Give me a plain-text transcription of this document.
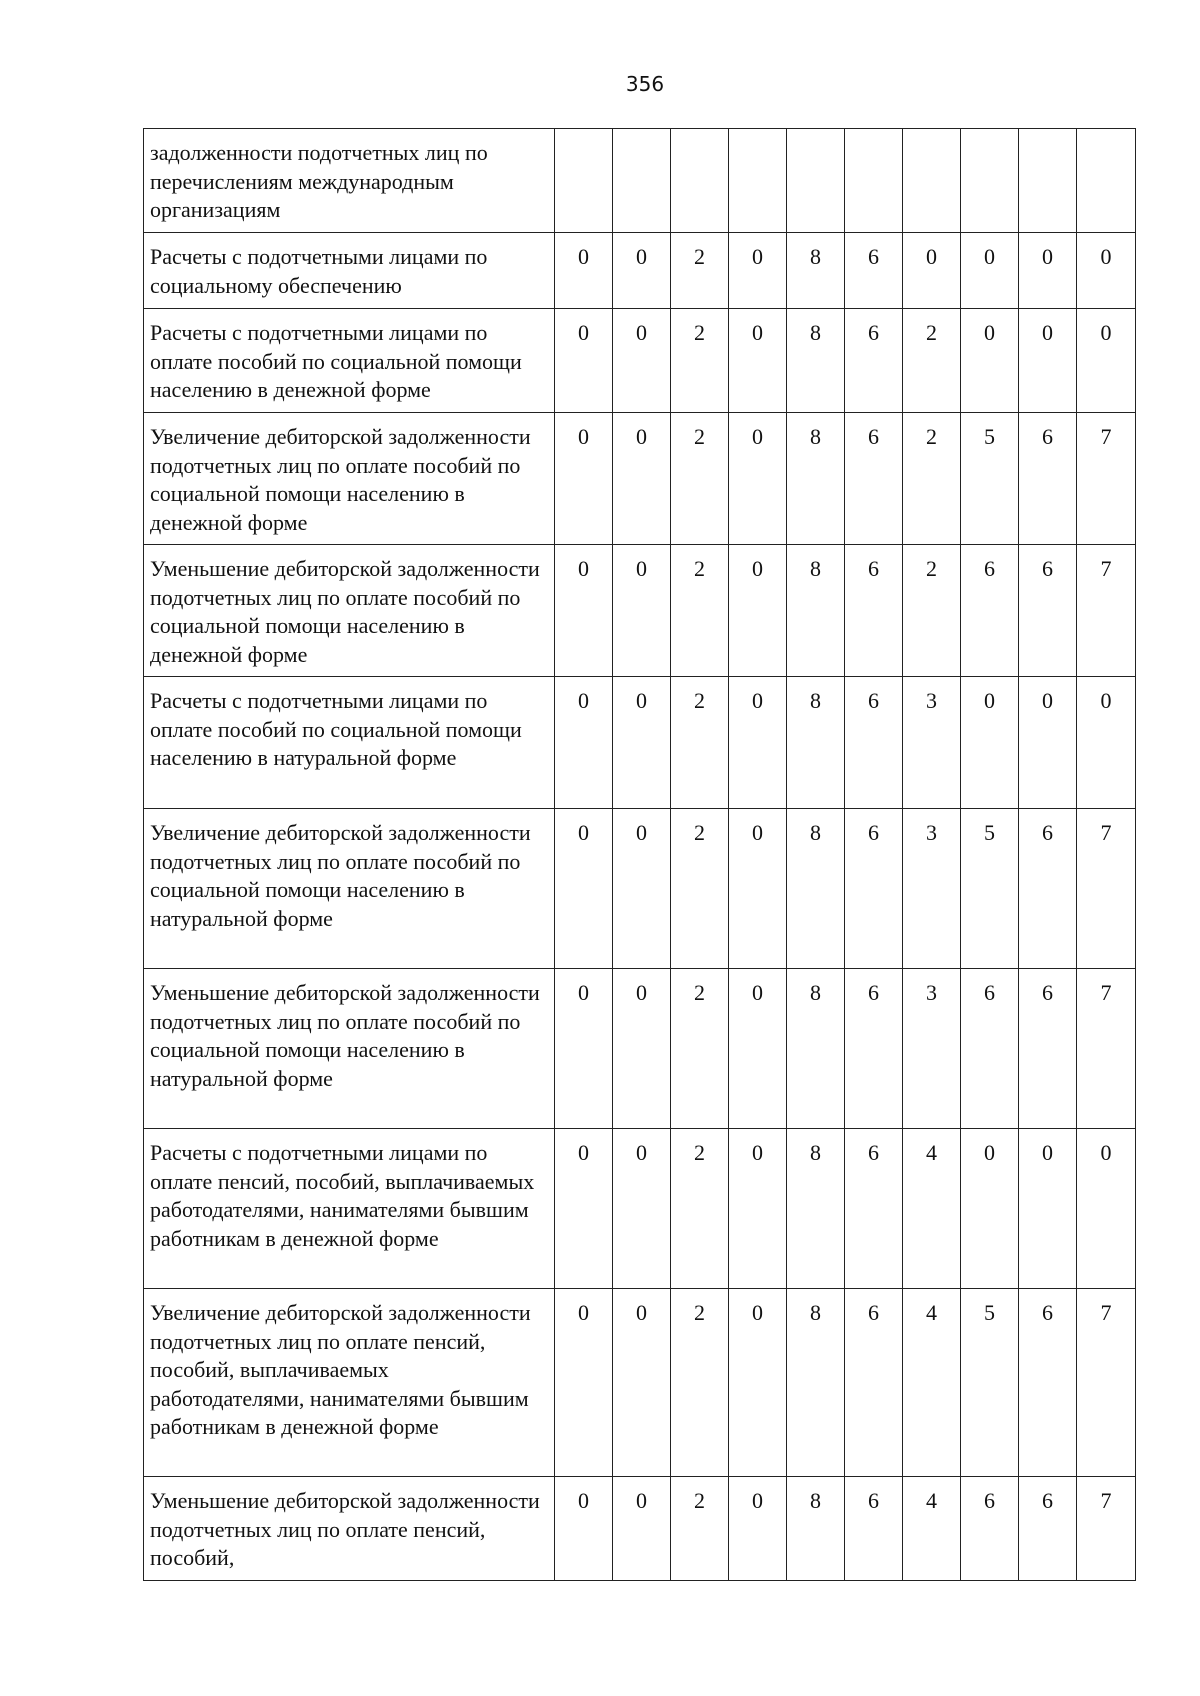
356
задолженности подотчетных лиц по перечислениям международным организациям										
Расчеты с подотчетными лицами по социальному обеспечению	0	0	2	0	8	6	0	0	0	0
Расчеты с подотчетными лицами по оплате пособий по социальной помощи населению в денежной форме	0	0	2	0	8	6	2	0	0	0
Увеличение дебиторской задолженности подотчетных лиц по оплате пособий по социальной помощи населению в денежной форме	0	0	2	0	8	6	2	5	6	7
Уменьшение дебиторской задолженности подотчетных лиц по оплате пособий по социальной помощи населению в денежной форме	0	0	2	0	8	6	2	6	6	7
Расчеты с подотчетными лицами по оплате пособий по социальной помощи населению в натуральной форме	0	0	2	0	8	6	3	0	0	0
Увеличение дебиторской задолженности подотчетных лиц по оплате пособий по социальной помощи населению в натуральной форме	0	0	2	0	8	6	3	5	6	7
Уменьшение дебиторской задолженности подотчетных лиц по оплате пособий по социальной помощи населению в натуральной форме	0	0	2	0	8	6	3	6	6	7
Расчеты с подотчетными лицами по оплате пенсий, пособий, выплачиваемых работодателями, нанимателями бывшим работникам в денежной форме	0	0	2	0	8	6	4	0	0	0
Увеличение дебиторской задолженности подотчетных лиц по оплате пенсий, пособий, выплачиваемых работодателями, нанимателями бывшим работникам в денежной форме	0	0	2	0	8	6	4	5	6	7
Уменьшение дебиторской задолженности подотчетных лиц по оплате пенсий, пособий,	0	0	2	0	8	6	4	6	6	7
